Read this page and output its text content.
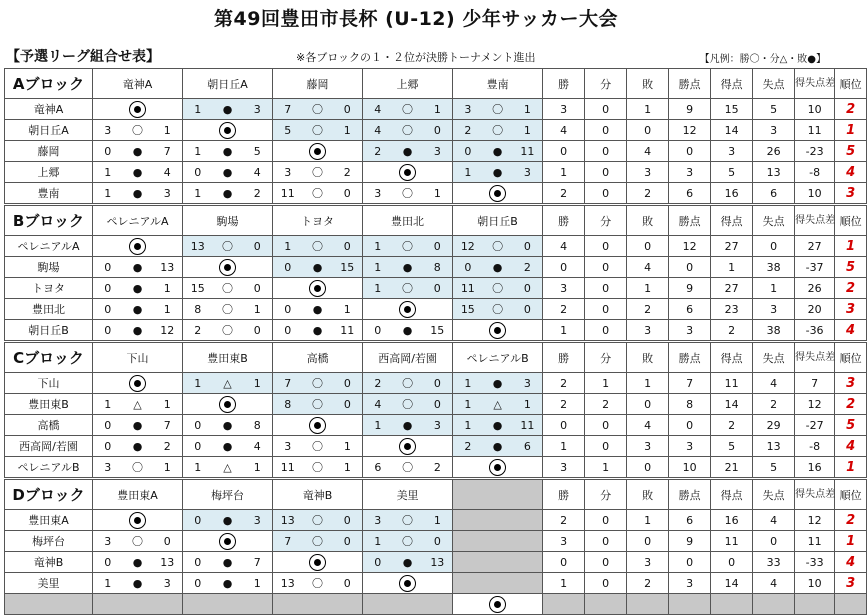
第49回豊田市長杯 (U-12) 少年サッカー大会
【予選リーグ組合せ表】	※各ブロックの１・２位が決勝トーナメント進出	【凡例：勝〇・分△・敗●】
Aブロック	竜神A			朝日丘A			藤岡			上郷			豊南			勝	分	敗	勝点	得点	失点	得失点差	順位
竜神A				1	●	3	7	〇	0	4	〇	1	3	〇	1	3	0	1	9	15	5	10	2
朝日丘A	3	〇	1				5	〇	1	4	〇	0	2	〇	1	4	0	0	12	14	3	11	1
藤岡	0	●	7	1	●	5				2	●	3	0	●	11	0	0	4	0	3	26	-23	5
上郷	1	●	4	0	●	4	3	〇	2				1	●	3	1	0	3	3	5	13	-8	4
豊南	1	●	3	1	●	2	11	〇	0	3	〇	1				2	0	2	6	16	6	10	3
Bブロック	ペレニアルA			駒場			トヨタ			豊田北			朝日丘B			勝	分	敗	勝点	得点	失点	得失点差	順位
ペレニアルA				13	〇	0	1	〇	0	1	〇	0	12	〇	0	4	0	0	12	27	0	27	1
駒場	0	●	13				0	●	15	1	●	8	0	●	2	0	0	4	0	1	38	-37	5
トヨタ	0	●	1	15	〇	0				1	〇	0	11	〇	0	3	0	1	9	27	1	26	2
豊田北	0	●	1	8	〇	1	0	●	1				15	〇	0	2	0	2	6	23	3	20	3
朝日丘B	0	●	12	2	〇	0	0	●	11	0	●	15				1	0	3	3	2	38	-36	4
Cブロック	下山			豊田東B			高橋			西高岡/若園			ペレニアルB			勝	分	敗	勝点	得点	失点	得失点差	順位
下山				1	△	1	7	〇	0	2	〇	0	1	●	3	2	1	1	7	11	4	7	3
豊田東B	1	△	1				8	〇	0	4	〇	0	1	△	1	2	2	0	8	14	2	12	2
高橋	0	●	7	0	●	8				1	●	3	1	●	11	0	0	4	0	2	29	-27	5
西高岡/若園	0	●	2	0	●	4	3	〇	1				2	●	6	1	0	3	3	5	13	-8	4
ペレニアルB	3	〇	1	1	△	1	11	〇	1	6	〇	2				3	1	0	10	21	5	16	1
Dブロック	豊田東A			梅坪台			竜神B			美里				勝	分	敗	勝点	得点	失点	得失点差	順位
豊田東A				0	●	3	13	〇	0	3	〇	1		2	0	1	6	16	4	12	2
梅坪台	3	〇	0				7	〇	0	1	〇	0		3	0	0	9	11	0	11	1
竜神B	0	●	13	0	●	7				0	●	13		0	0	3	0	0	33	-33	4
美里	1	●	3	0	●	1	13	〇	0					1	0	2	3	14	4	10	3
